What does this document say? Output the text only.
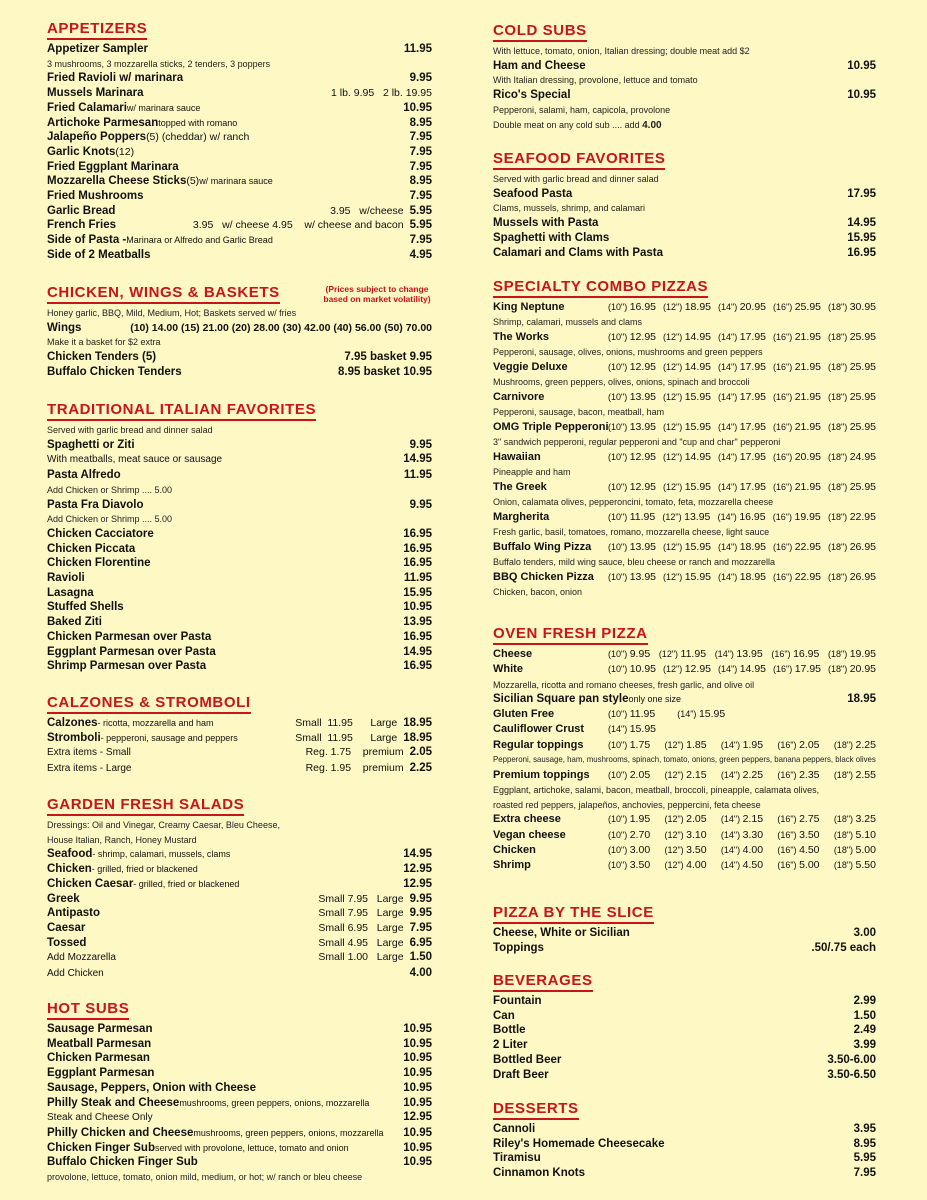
APPETIZERS
Appetizer Sampler	11.95
3 mushrooms, 3 mozzarella sticks, 2 tenders, 3 poppers
Fried Ravioli w/ marinara	9.95
Mussels Marinara	1 lb. 9.95   2 lb. 19.95
Fried Calamari w/ marinara sauce	10.95
Artichoke Parmesan topped with romano	8.95
Jalapeño Poppers (5) (cheddar) w/ ranch	7.95
Garlic Knots (12)	7.95
Fried Eggplant Marinara	7.95
Mozzarella Cheese Sticks (5) w/ marinara sauce	8.95
Fried Mushrooms	7.95
Garlic Bread	3.95   w/cheese 5.95
French Fries	3.95   w/ cheese 4.95    w/ cheese and bacon 5.95
Side of Pasta - Marinara or Alfredo and Garlic Bread	7.95
Side of 2 Meatballs	4.95
CHICKEN, WINGS & BASKETS	(Prices subject to change based on market volatility)
Honey garlic, BBQ, Mild, Medium, Hot; Baskets served w/ fries
Wings	(10) 14.00 (15) 21.00 (20) 28.00 (30) 42.00 (40) 56.00 (50) 70.00
Make it a basket for $2 extra
Chicken Tenders (5)	7.95 basket 9.95
Buffalo Chicken Tenders	8.95 basket 10.95
TRADITIONAL ITALIAN FAVORITES
Served with garlic bread and dinner salad
Spaghetti or Ziti	9.95
With meatballs, meat sauce or sausage	14.95
Pasta Alfredo	11.95
Add Chicken or Shrimp .... 5.00
Pasta Fra Diavolo	9.95
Add Chicken or Shrimp .... 5.00
Chicken Cacciatore	16.95
Chicken Piccata	16.95
Chicken Florentine	16.95
Ravioli	11.95
Lasagna	15.95
Stuffed Shells	10.95
Baked Ziti	13.95
Chicken Parmesan over Pasta	16.95
Eggplant Parmesan over Pasta	14.95
Shrimp Parmesan over Pasta	16.95
CALZONES & STROMBOLI
Calzones - ricotta, mozzarella and ham	Small  11.95      Large 18.95
Stromboli - pepperoni, sausage and peppers	Small  11.95      Large 18.95
Extra items - Small	Reg. 1.75    premium 2.05
Extra items - Large	Reg. 1.95    premium 2.25
GARDEN FRESH SALADS
Dressings: Oil and Vinegar, Creamy Caesar, Bleu Cheese,
House Italian, Ranch, Honey Mustard
Seafood - shrimp, calamari, mussels, clams	14.95
Chicken - grilled, fried or blackened	12.95
Chicken Caesar - grilled, fried or blackened	12.95
Greek	Small 7.95   Large 9.95
Antipasto	Small 7.95   Large 9.95
Caesar	Small 6.95   Large 7.95
Tossed	Small 4.95   Large 6.95
Add Mozzarella	Small 1.00   Large 1.50
Add Chicken	4.00
HOT SUBS
Sausage Parmesan	10.95
Meatball Parmesan	10.95
Chicken Parmesan	10.95
Eggplant Parmesan	10.95
Sausage, Peppers, Onion with Cheese	10.95
Philly Steak and Cheese mushrooms, green peppers, onions, mozzarella	10.95
Steak and Cheese Only	12.95
Philly Chicken and Cheese mushrooms, green peppers, onions, mozzarella 10.95
Chicken Finger Sub served with provolone, lettuce, tomato and onion	10.95
Buffalo Chicken Finger Sub	10.95
provolone, lettuce, tomato, onion mild, medium, or hot; w/ ranch or bleu cheese
COLD SUBS
With lettuce, tomato, onion, Italian dressing; double meat add $2
Ham and Cheese	10.95
With Italian dressing, provolone, lettuce and tomato
Rico's Special	10.95
Pepperoni, salami, ham, capicola, provolone
Double meat on any cold sub .... add 4.00
SEAFOOD FAVORITES
Served with garlic bread and dinner salad
Seafood Pasta	17.95
Clams, mussels, shrimp, and calamari
Mussels with Pasta	14.95
Spaghetti with Clams	15.95
Calamari and Clams with Pasta	16.95
SPECIALTY COMBO PIZZAS
King Neptune	(10") 16.95 (12") 18.95 (14") 20.95 (16") 25.95 (18") 30.95
Shrimp, calamari, mussels and clams
The Works	(10") 12.95 (12") 14.95 (14") 17.95 (16") 21.95 (18") 25.95
Pepperoni, sausage, olives, onions, mushrooms and green peppers
Veggie Deluxe	(10") 12.95 (12") 14.95 (14") 17.95 (16") 21.95 (18") 25.95
Mushrooms, green peppers, olives, onions, spinach and broccoli
Carnivore	(10") 13.95 (12") 15.95 (14") 17.95 (16") 21.95 (18") 25.95
Pepperoni, sausage, bacon, meatball, ham
OMG Triple Pepperoni (10") 13.95 (12") 15.95 (14") 17.95 (16") 21.95 (18") 25.95
3" sandwich pepperoni, regular pepperoni and "cup and char" pepperoni
Hawaiian	(10") 12.95 (12") 14.95 (14") 17.95 (16") 20.95 (18") 24.95
Pineapple and ham
The Greek	(10") 12.95 (12") 15.95 (14") 17.95 (16") 21.95 (18") 25.95
Onion, calamata olives, pepperoncini, tomato, feta, mozzarella cheese
Margherita	(10") 11.95 (12") 13.95 (14") 16.95 (16") 19.95 (18") 22.95
Fresh garlic, basil, tomatoes, romano, mozzarella cheese, light sauce
Buffalo Wing Pizza	(10") 13.95 (12") 15.95 (14") 18.95 (16") 22.95 (18") 26.95
Buffalo tenders, mild wing sauce, bleu cheese or ranch and mozzarella
BBQ Chicken Pizza	(10") 13.95 (12") 15.95 (14") 18.95 (16") 22.95 (18") 26.95
Chicken, bacon, onion
OVEN FRESH PIZZA
Cheese	(10") 9.95 (12") 11.95 (14") 13.95 (16") 16.95 (18") 19.95
White	(10") 10.95 (12") 12.95 (14") 14.95 (16") 17.95 (18") 20.95
Mozzarella, ricotta and romano cheeses, fresh garlic, and olive oil
Sicilian Square pan style only one size	18.95
Gluten Free	(10") 11.95 (14") 15.95
Cauliflower Crust	(14") 15.95
Regular toppings	(10") 1.75 (12") 1.85 (14") 1.95 (16") 2.05 (18") 2.25
Pepperoni, sausage, ham, mushrooms, spinach, tomato, onions, green peppers, banana peppers, black olives
Premium toppings	(10") 2.05 (12") 2.15 (14") 2.25 (16") 2.35 (18") 2.55
Eggplant, artichoke, salami, bacon, meatball, broccoli, pineapple, calamata olives,
roasted red peppers, jalapeños, anchovies, peppercini, feta cheese
Extra cheese	(10") 1.95 (12") 2.05 (14") 2.15 (16") 2.75 (18") 3.25
Vegan cheese	(10") 2.70 (12") 3.10 (14") 3.30 (16") 3.50 (18") 5.10
Chicken	(10") 3.00 (12") 3.50 (14") 4.00 (16") 4.50 (18") 5.00
Shrimp	(10") 3.50 (12") 4.00 (14") 4.50 (16") 5.00 (18") 5.50
PIZZA BY THE SLICE
Cheese, White or Sicilian	3.00
Toppings	.50/.75 each
BEVERAGES
Fountain	2.99
Can	1.50
Bottle	2.49
2 Liter	3.99
Bottled Beer	3.50-6.00
Draft Beer	3.50-6.50
DESSERTS
Cannoli	3.95
Riley's Homemade Cheesecake	8.95
Tiramisu	5.95
Cinnamon Knots	7.95
